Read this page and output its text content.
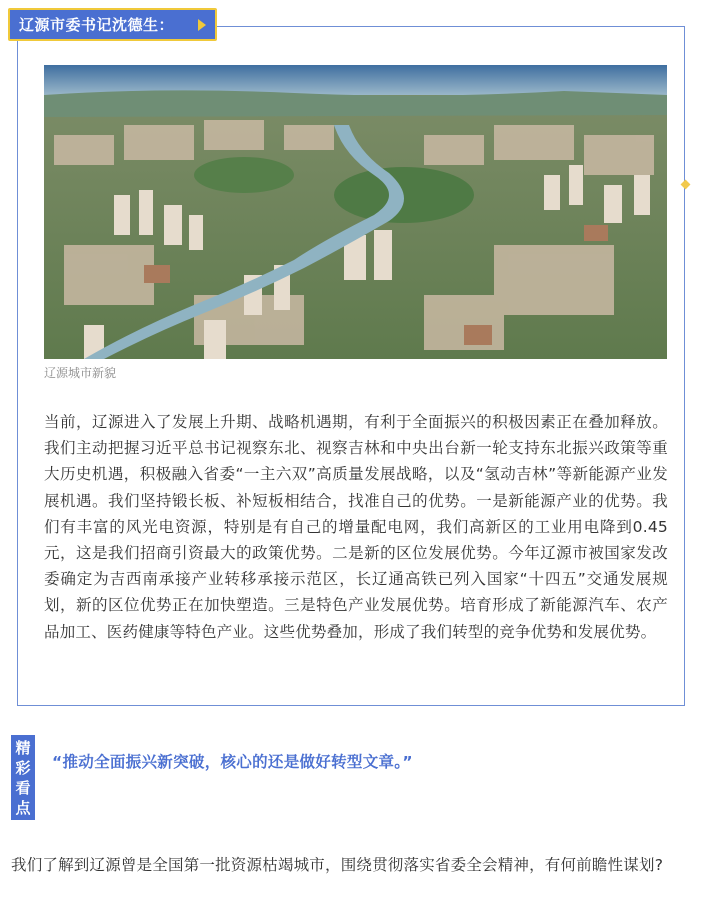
辽源市委书记沈德生：
辽源城市新貌

当前，辽源进入了发展上升期、战略机遇期，有利于全面振兴的积极因素正在叠加释放。我们主动把握习近平总书记视察东北、视察吉林和中央出台新一轮支持东北振兴政策等重大历史机遇，积极融入省委“一主六双”高质量发展战略，以及“氢动吉林”等新能源产业发展机遇。我们坚持锻长板、补短板相结合，找准自己的优势。一是新能源产业的优势。我们有丰富的风光电资源，特别是有自己的增量配电网，我们高新区的工业用电降到0.45元，这是我们招商引资最大的政策优势。二是新的区位发展优势。今年辽源市被国家发改委确定为吉西南承接产业转移承接示范区，长辽通高铁已列入国家“十四五”交通发展规划，新的区位优势正在加快塑造。三是特色产业发展优势。培育形成了新能源汽车、农产品加工、医药健康等特色产业。这些优势叠加，形成了我们转型的竞争优势和发展优势。

精
彩
看
点
“推动全面振兴新突破，核心的还是做好转型文章。”

我们了解到辽源曾是全国第一批资源枯竭城市，围绕贯彻落实省委全会精神，有何前瞻性谋划?
